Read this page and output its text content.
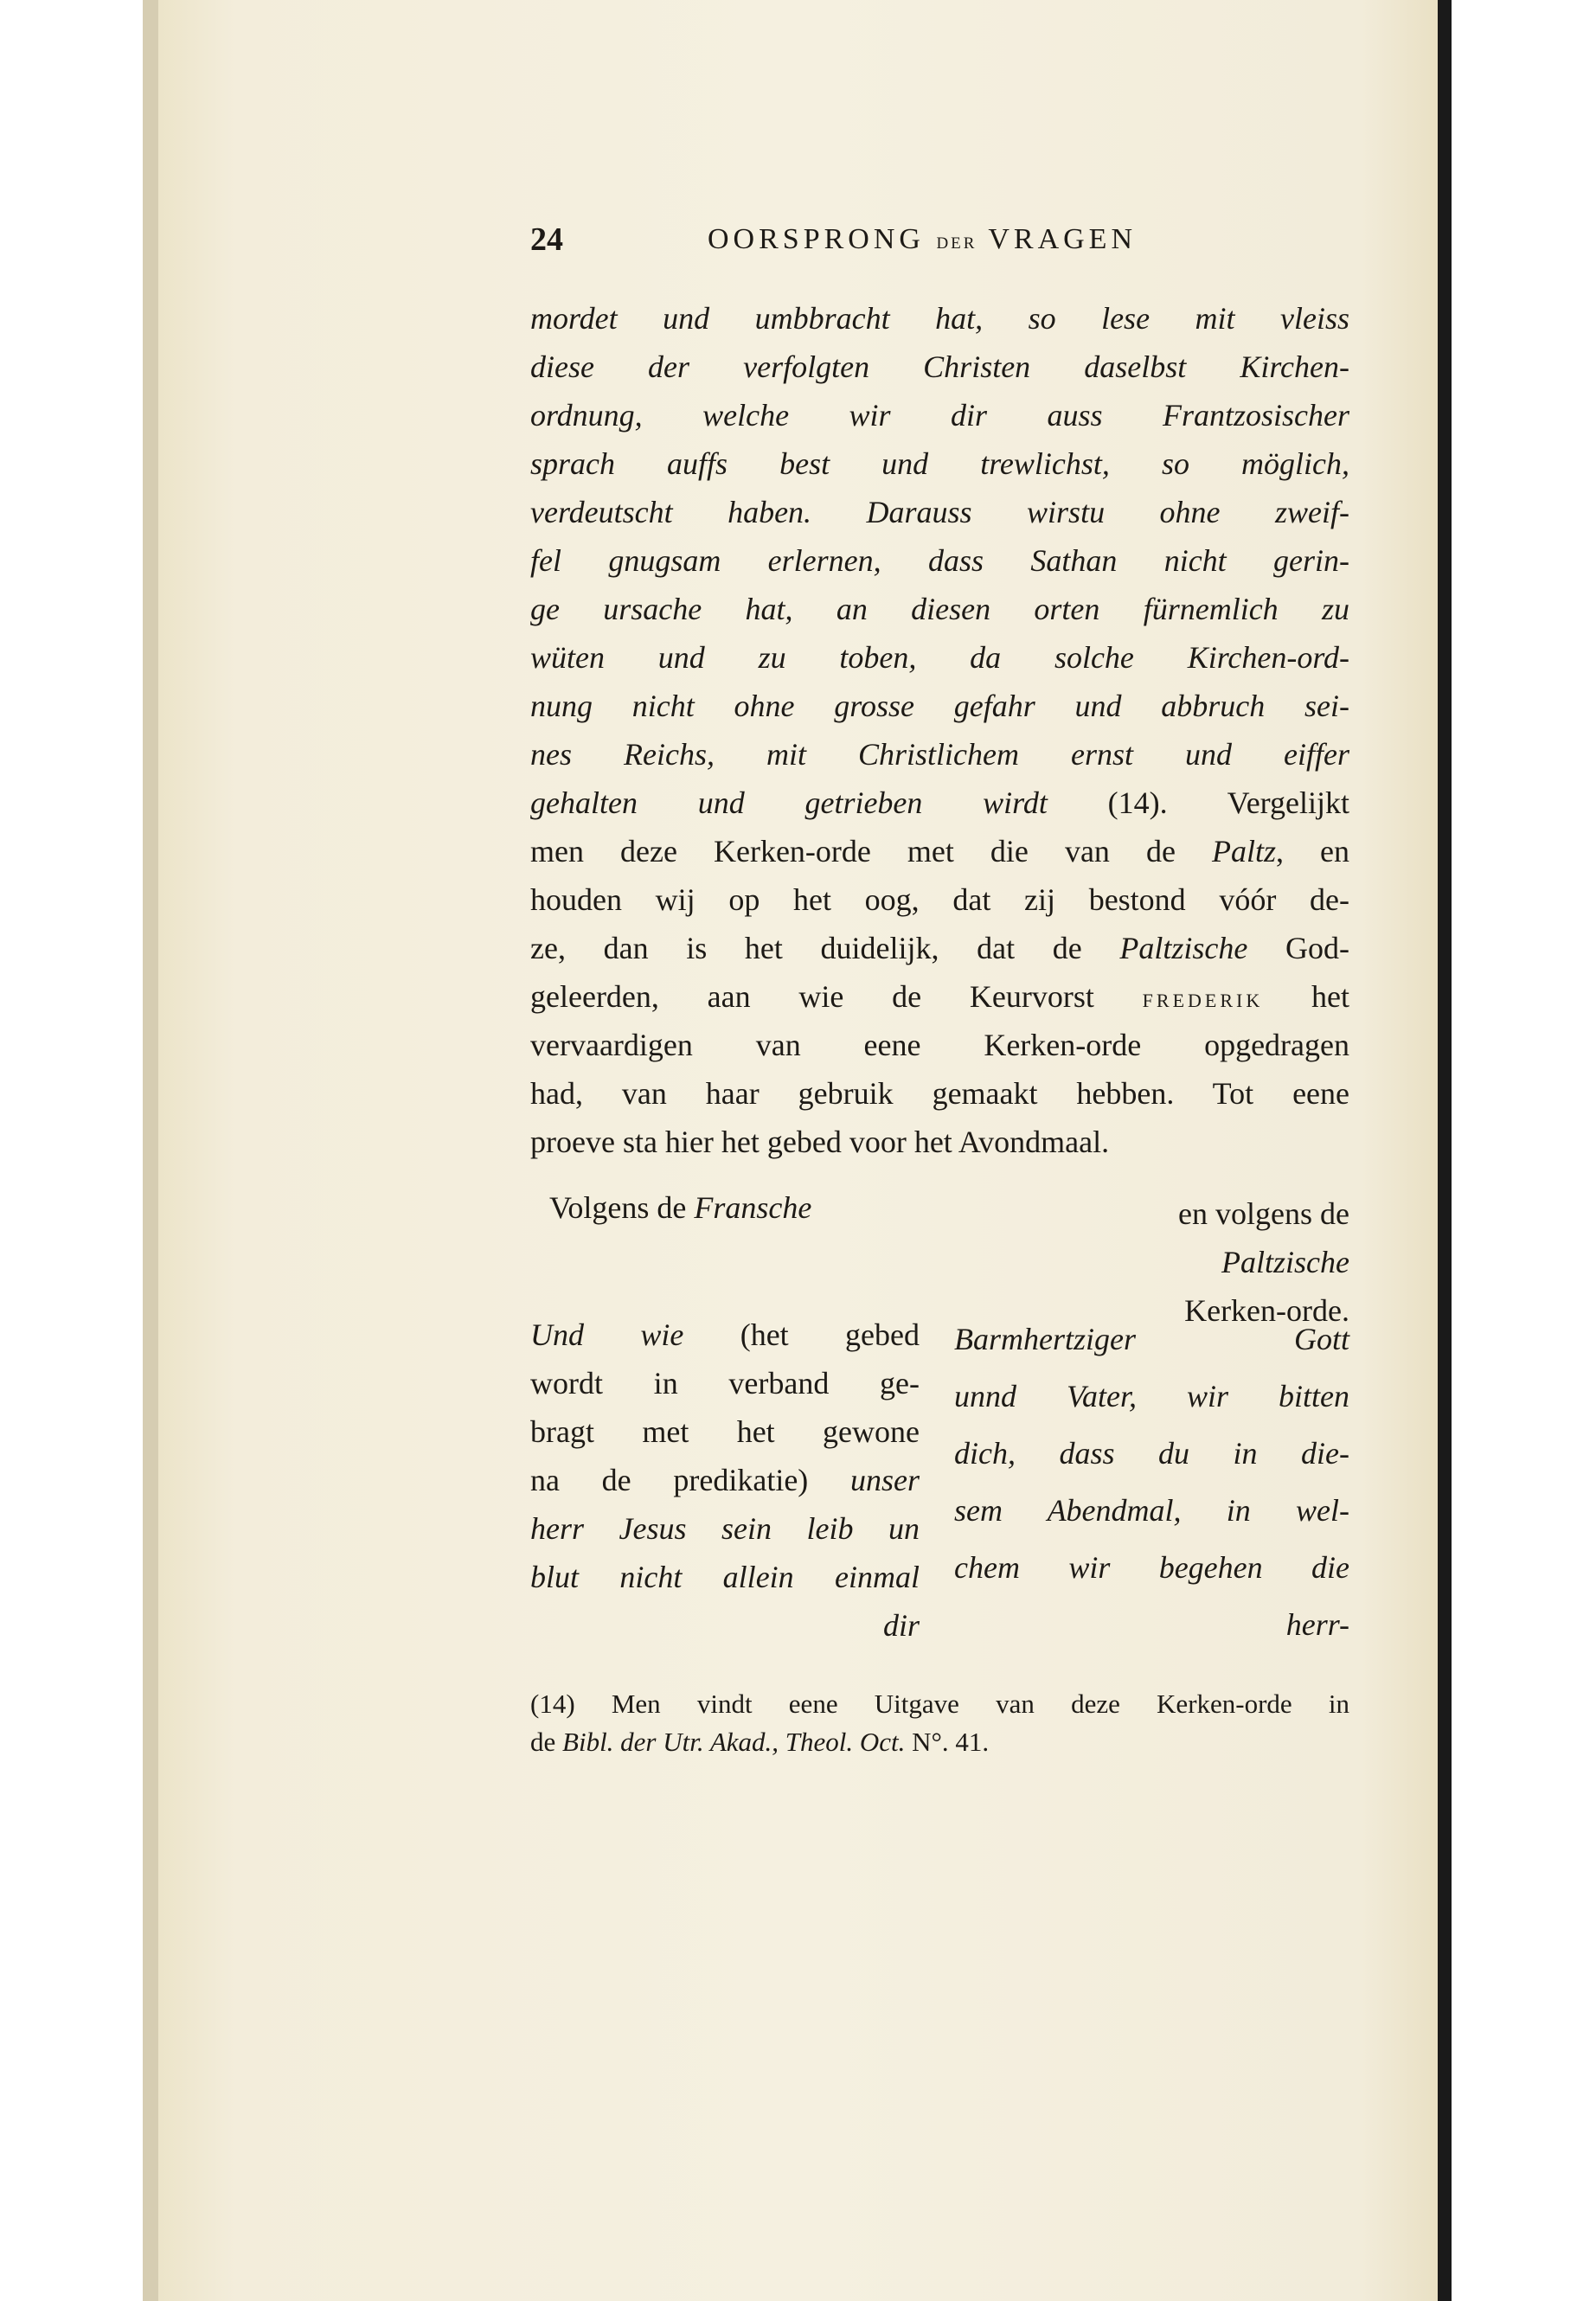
24	OORSPRONG DER VRAGEN
mordet und umbbracht hat, so lese mit vleiss
diese der verfolgten Christen daselbst Kirchen-
ordnung, welche wir dir auss Frantzosischer
sprach auffs best und trewlichst, so möglich,
verdeutscht haben. Darauss wirstu ohne zweif-
fel gnugsam erlernen, dass Sathan nicht gerin-
ge ursache hat, an diesen orten fürnemlich zu
wüten und zu toben, da solche Kirchen-ord-
nung nicht ohne grosse gefahr und abbruch sei-
nes Reichs, mit Christlichem ernst und eiffer
gehalten und getrieben wirdt (14). Vergelijkt
men deze Kerken-orde met die van de Paltz, en
houden wij op het oog, dat zij bestond vóór de-
ze, dan is het duidelijk, dat de Paltzische God-
geleerden, aan wie de Keurvorst FREDERIK het
vervaardigen van eene Kerken-orde opgedragen
had, van haar gebruik gemaakt hebben. Tot eene
proeve sta hier het gebed voor het Avondmaal.
Volgens de Fransche	en volgens de
Paltzische
Kerken-orde.
Und wie (het gebed
wordt in verband ge-
bragt met het gewone
na de predikatie) unser
herr Jesus sein leib un
blut nicht allein einmal
dir
Barmhertziger Gott
unnd Vater, wir bitten
dich, dass du in die-
sem Abendmal, in wel-
chem wir begehen die
herr-
(14) Men vindt eene Uitgave van deze Kerken-orde in
de Bibl. der Utr. Akad., Theol. Oct. N°. 41.
